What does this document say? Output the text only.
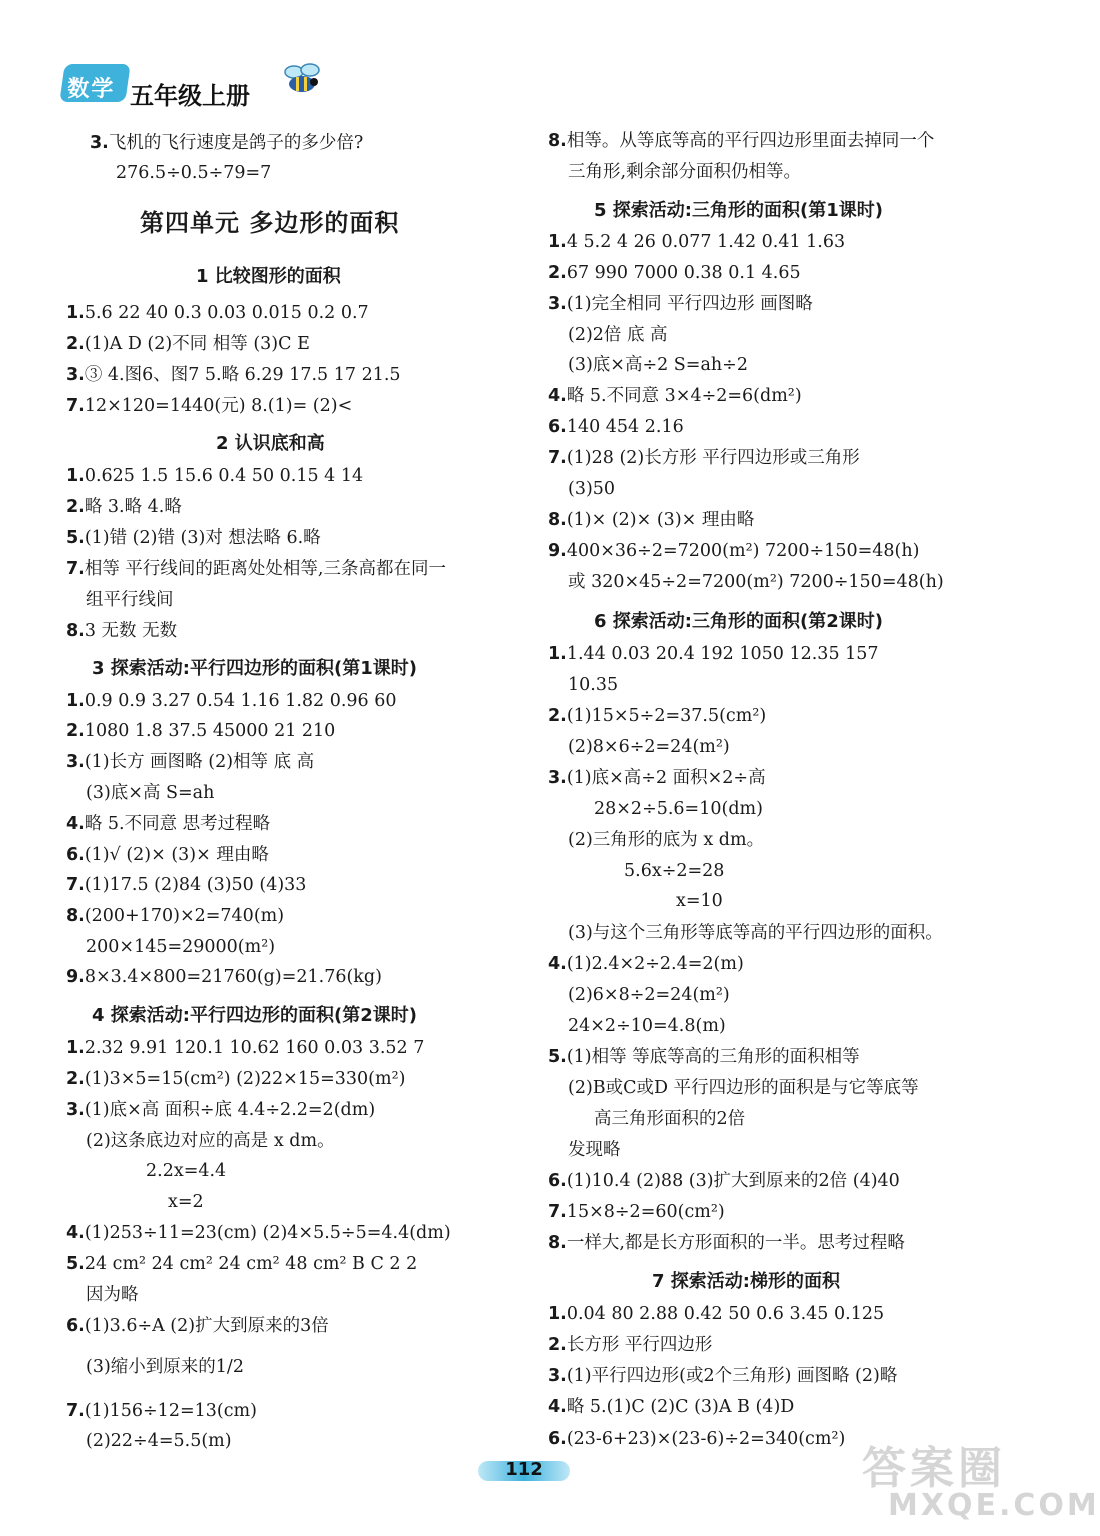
数学 五年级上册
3.飞机的飞行速度是鸽子的多少倍?
276.5÷0.5÷79=7
第四单元 多边形的面积
1 比较图形的面积
1.5.6 22 40 0.3 0.03 0.015 0.2 0.7
2.(1)A D (2)不同 相等 (3)C E
3.③ 4.图6、图7 5.略 6.29 17.5 17 21.5
7.12×120=1440(元) 8.(1)= (2)<
2 认识底和高
1.0.625 1.5 15.6 0.4 50 0.15 4 14
2.略 3.略 4.略
5.(1)错 (2)错 (3)对 想法略 6.略
7.相等 平行线间的距离处处相等,三条高都在同一
组平行线间
8.3 无数 无数
3 探索活动:平行四边形的面积(第1课时)
1.0.9 0.9 3.27 0.54 1.16 1.82 0.96 60
2.1080 1.8 37.5 45000 21 210
3.(1)长方 画图略 (2)相等 底 高
(3)底×高 S=ah
4.略 5.不同意 思考过程略
6.(1)√ (2)× (3)× 理由略
7.(1)17.5 (2)84 (3)50 (4)33
8.(200+170)×2=740(m)
200×145=29000(m²)
9.8×3.4×800=21760(g)=21.76(kg)
4 探索活动:平行四边形的面积(第2课时)
1.2.32 9.91 120.1 10.62 160 0.03 3.52 7
2.(1)3×5=15(cm²) (2)22×15=330(m²)
3.(1)底×高 面积÷底 4.4÷2.2=2(dm)
(2)这条底边对应的高是 x dm。
2.2x=4.4
x=2
4.(1)253÷11=23(cm) (2)4×5.5÷5=4.4(dm)
5.24 cm² 24 cm² 24 cm² 48 cm² B C 2 2
因为略
6.(1)3.6÷A (2)扩大到原来的3倍
(3)缩小到原来的1/2
7.(1)156÷12=13(cm)
(2)22÷4=5.5(m)
8.相等。从等底等高的平行四边形里面去掉同一个
三角形,剩余部分面积仍相等。
5 探索活动:三角形的面积(第1课时)
1.4 5.2 4 26 0.077 1.42 0.41 1.63
2.67 990 7000 0.38 0.1 4.65
3.(1)完全相同 平行四边形 画图略
(2)2倍 底 高
(3)底×高÷2 S=ah÷2
4.略 5.不同意 3×4÷2=6(dm²)
6.140 454 2.16
7.(1)28 (2)长方形 平行四边形或三角形
(3)50
8.(1)× (2)× (3)× 理由略
9.400×36÷2=7200(m²) 7200÷150=48(h)
或 320×45÷2=7200(m²) 7200÷150=48(h)
6 探索活动:三角形的面积(第2课时)
1.1.44 0.03 20.4 192 1050 12.35 157
10.35
2.(1)15×5÷2=37.5(cm²)
(2)8×6÷2=24(m²)
3.(1)底×高÷2 面积×2÷高
28×2÷5.6=10(dm)
(2)三角形的底为 x dm。
5.6x÷2=28
x=10
(3)与这个三角形等底等高的平行四边形的面积。
4.(1)2.4×2÷2.4=2(m)
(2)6×8÷2=24(m²)
24×2÷10=4.8(m)
5.(1)相等 等底等高的三角形的面积相等
(2)B或C或D 平行四边形的面积是与它等底等
高三角形面积的2倍
发现略
6.(1)10.4 (2)88 (3)扩大到原来的2倍 (4)40
7.15×8÷2=60(cm²)
8.一样大,都是长方形面积的一半。思考过程略
7 探索活动:梯形的面积
1.0.04 80 2.88 0.42 50 0.6 3.45 0.125
2.长方形 平行四边形
3.(1)平行四边形(或2个三角形) 画图略 (2)略
4.略 5.(1)C (2)C (3)A B (4)D
6.(23-6+23)×(23-6)÷2=340(cm²)
112	答案圈
MXQE.COM
